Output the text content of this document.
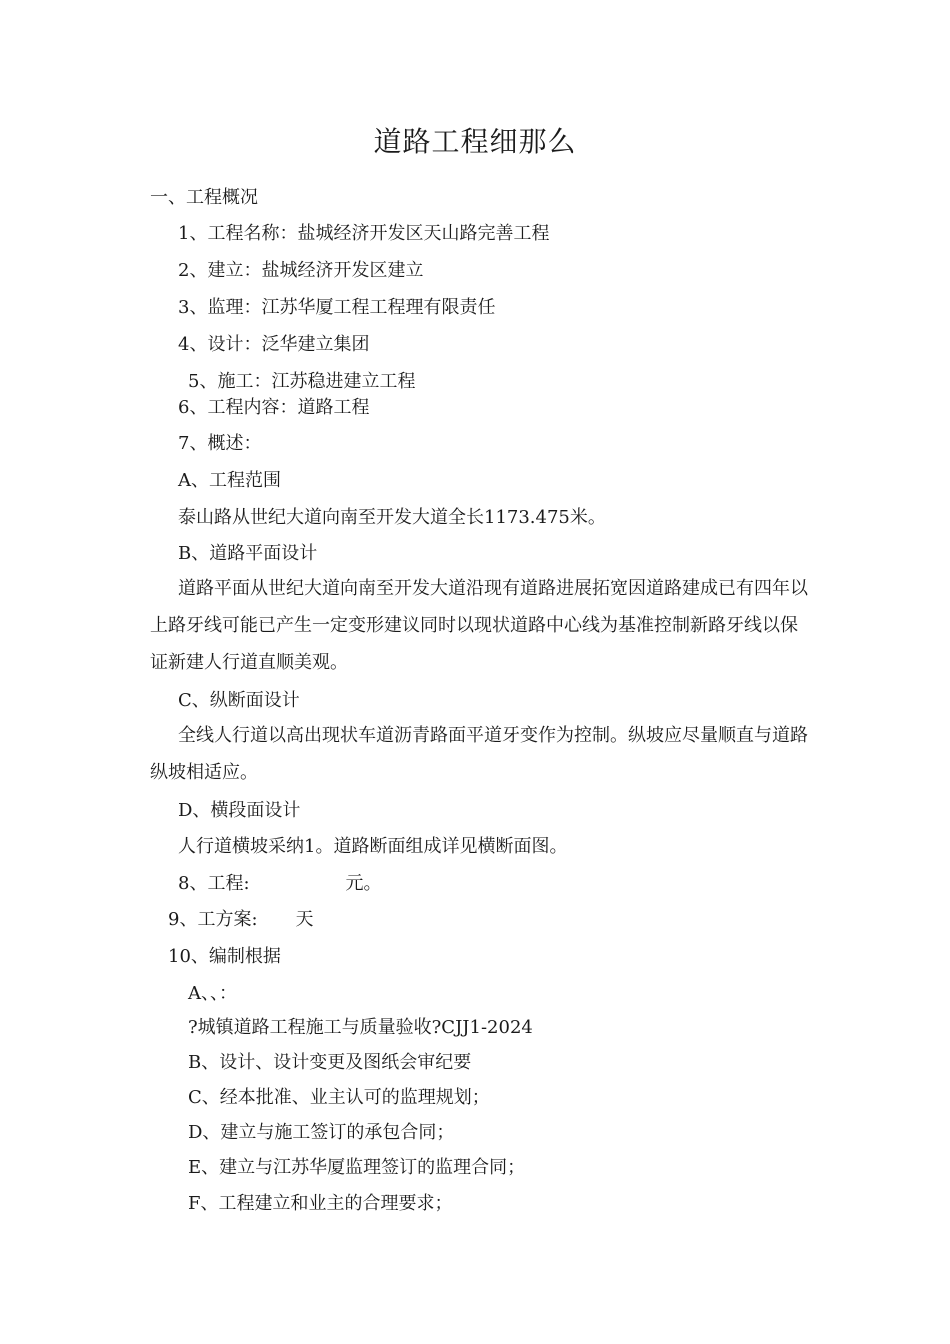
道路工程细那么
一、工程概况
1、工程名称：盐城经济开发区天山路完善工程
2、建立：盐城经济开发区建立
3、监理：江苏华厦工程工程理有限责任
4、设计：泛华建立集团
5、施工：江苏稳进建立工程
6、工程内容：道路工程
7、概述：
A、工程范围
泰山路从世纪大道向南至开发大道全长1173.475米。
B、道路平面设计
道路平面从世纪大道向南至开发大道沿现有道路进展拓宽因道路建成已有四年以上路牙线可能已产生一定变形建议同时以现状道路中心线为基准控制新路牙线以保证新建人行道直顺美观。
C、纵断面设计
全线人行道以高出现状车道沥青路面平道牙变作为控制。纵坡应尽量顺直与道路纵坡相适应。
D、横段面设计
人行道横坡采纳1。道路断面组成详见横断面图。
8、工程:	元。
9、工方案: 天
10、编制根据
A、、：
?城镇道路工程施工与质量验收?CJJ1-2024
B、设计、设计变更及图纸会审纪要
C、经本批准、业主认可的监理规划；
D、建立与施工签订的承包合同；
E、建立与江苏华厦监理签订的监理合同；
F、工程建立和业主的合理要求；
